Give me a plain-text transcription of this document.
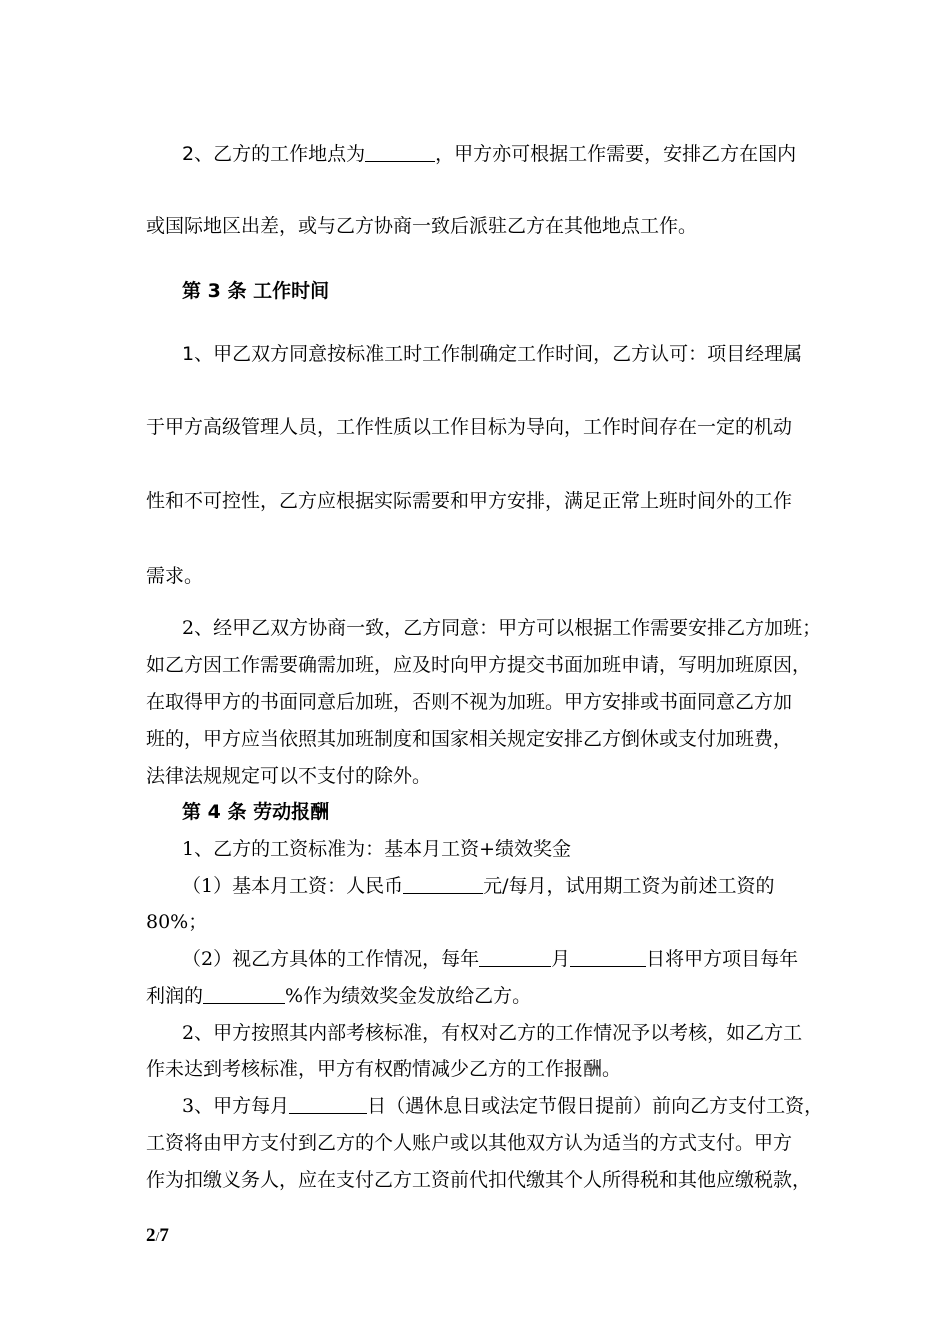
2、乙方的工作地点为	，甲方亦可根据工作需要，安排乙方在国内
或国际地区出差，或与乙方协商一致后派驻乙方在其他地点工作。
第 3 条 工作时间
1、甲乙双方同意按标准工时工作制确定工作时间，乙方认可：项目经理属
于甲方高级管理人员，工作性质以工作目标为导向，工作时间存在一定的机动
性和不可控性，乙方应根据实际需要和甲方安排，满足正常上班时间外的工作
需求。
2、经甲乙双方协商一致，乙方同意：甲方可以根据工作需要安排乙方加班；
如乙方因工作需要确需加班，应及时向甲方提交书面加班申请，写明加班原因，
在取得甲方的书面同意后加班，否则不视为加班。甲方安排或书面同意乙方加
班的，甲方应当依照其加班制度和国家相关规定安排乙方倒休或支付加班费，
法律法规规定可以不支付的除外。
第 4 条 劳动报酬
1、乙方的工资标准为：基本月工资+绩效奖金
（1）基本月工资：人民币	元/每月，试用期工资为前述工资的
80%；
（2）视乙方具体的工作情况，每年	月	日将甲方项目每年
利润的	%作为绩效奖金发放给乙方。
2、甲方按照其内部考核标准，有权对乙方的工作情况予以考核，如乙方工
作未达到考核标准，甲方有权酌情减少乙方的工作报酬。
3、甲方每月	日（遇休息日或法定节假日提前）前向乙方支付工资，
工资将由甲方支付到乙方的个人账户或以其他双方认为适当的方式支付。甲方
作为扣缴义务人，应在支付乙方工资前代扣代缴其个人所得税和其他应缴税款，
2/7
